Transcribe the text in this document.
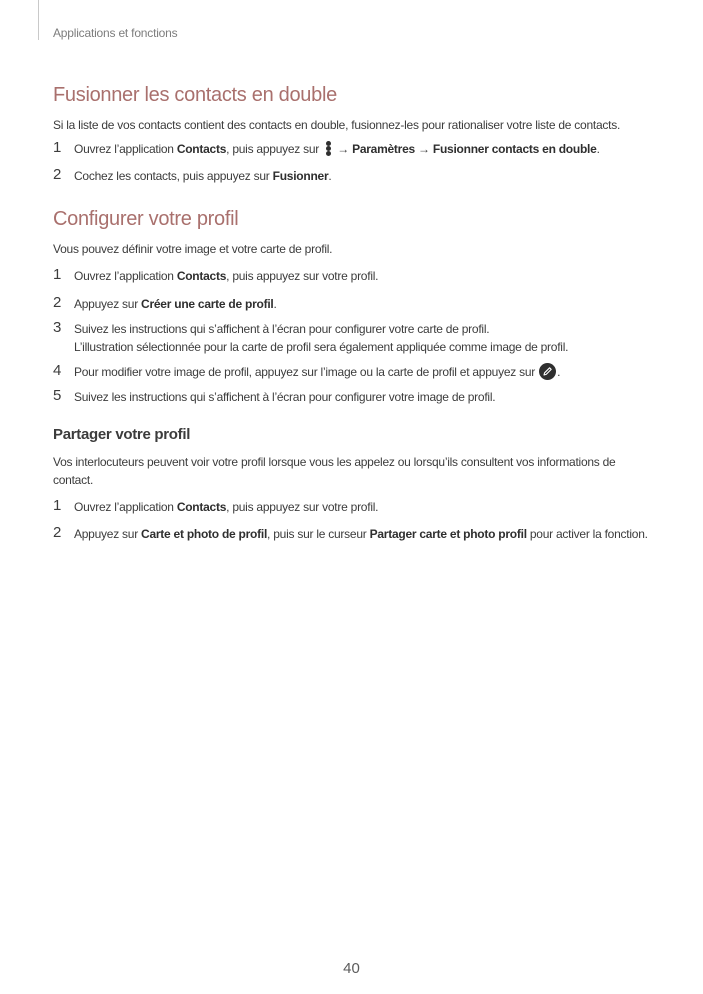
Applications et fonctions
Fusionner les contacts en double

Si la liste de vos contacts contient des contacts en double, fusionnez-les pour rationaliser votre liste de contacts.

1 Ouvrez l’application Contacts, puis appuyez sur
→ Paramètres → Fusionner contacts en double.
2 Cochez les contacts, puis appuyez sur Fusionner.
Configurer votre profil

Vous pouvez définir votre image et votre carte de profil.

1 Ouvrez l’application Contacts, puis appuyez sur votre profil.
2 Appuyez sur Créer une carte de profil.
3 Suivez les instructions qui s’affichent à l’écran pour configurer votre carte de profil.
L’illustration sélectionnée pour la carte de profil sera également appliquée comme image de profil.
4 Pour modifier votre image de profil, appuyez sur l’image ou la carte de profil et appuyez sur .
5 Suivez les instructions qui s’affichent à l’écran pour configurer votre image de profil.
Partager votre profil

Vos interlocuteurs peuvent voir votre profil lorsque vous les appelez ou lorsqu’ils consultent vos informations de contact.

1 Ouvrez l’application Contacts, puis appuyez sur votre profil.
2 Appuyez sur Carte et photo de profil, puis sur le curseur Partager carte et photo profil pour activer la fonction.
40
